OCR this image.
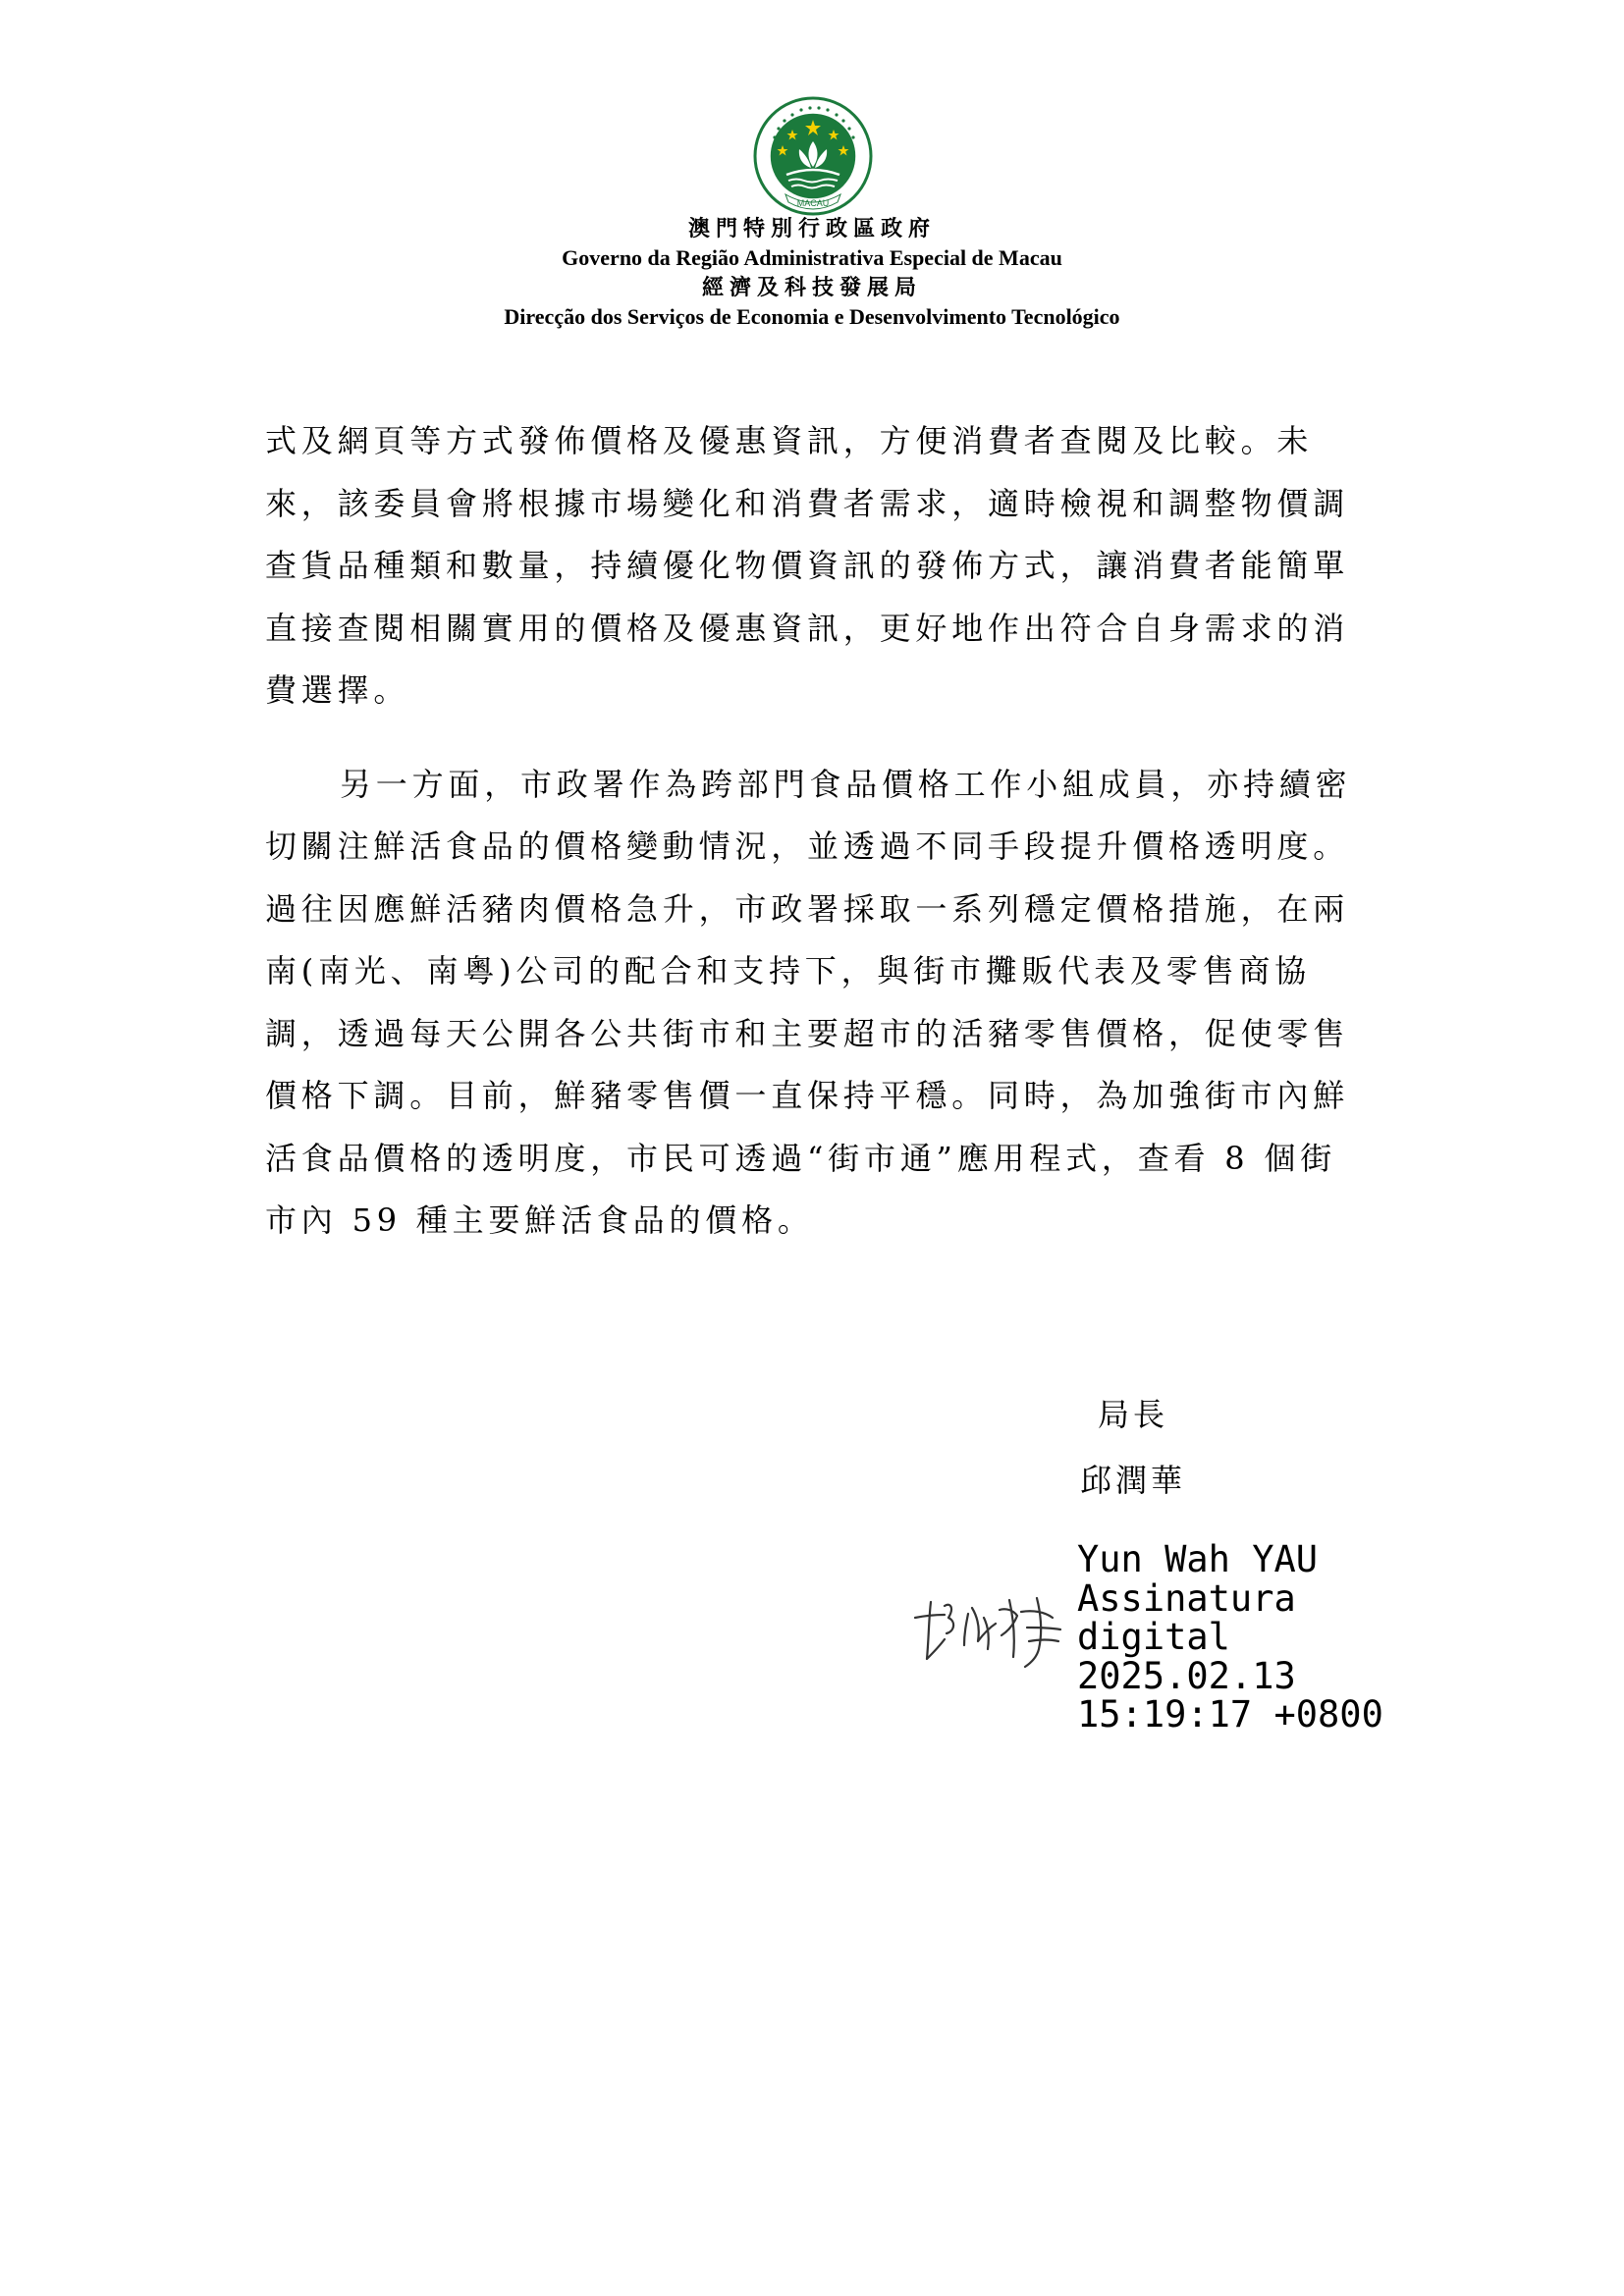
MACAU
澳門特別行政區政府
Governo da Região Administrativa Especial de Macau
經濟及科技發展局
Direcção dos Serviços de Economia e Desenvolvimento Tecnológico
式及網頁等方式發佈價格及優惠資訊，方便消費者查閱及比較。未
來，該委員會將根據市場變化和消費者需求，適時檢視和調整物價調
查貨品種類和數量，持續優化物價資訊的發佈方式，讓消費者能簡單
直接查閱相關實用的價格及優惠資訊，更好地作出符合自身需求的消
費選擇。
另一方面，市政署作為跨部門食品價格工作小組成員，亦持續密
切關注鮮活食品的價格變動情況，並透過不同手段提升價格透明度。
過往因應鮮活豬肉價格急升，市政署採取一系列穩定價格措施，在兩
南(南光、南粵)公司的配合和支持下，與街市攤販代表及零售商協
調，透過每天公開各公共街市和主要超市的活豬零售價格，促使零售
價格下調。目前，鮮豬零售價一直保持平穩。同時，為加強街市內鮮
活食品價格的透明度，市民可透過“街市通”應用程式，查看 8 個街
市內 59 種主要鮮活食品的價格。
局長
邱潤華
Yun Wah YAU
Assinatura
digital
2025.02.13
15:19:17 +0800
